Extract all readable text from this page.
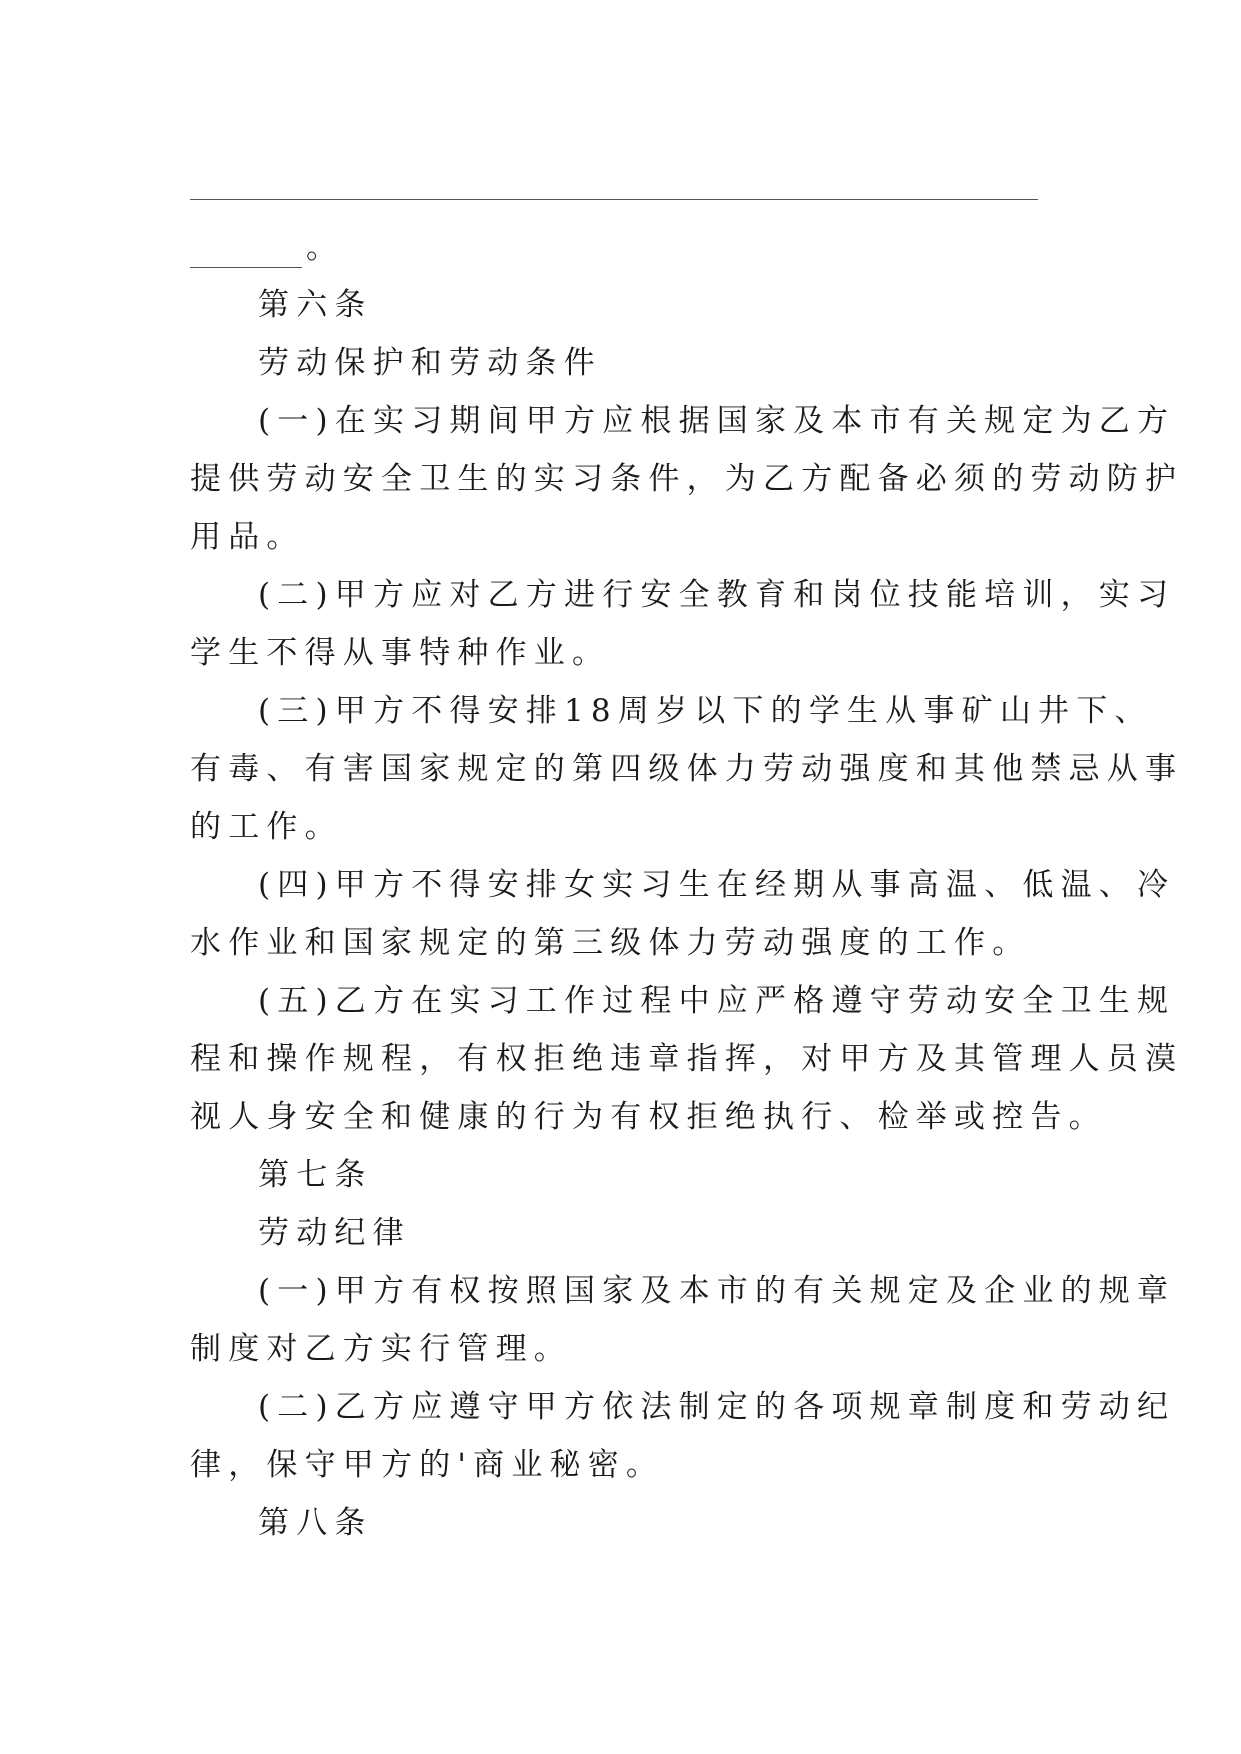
。
第六条
劳动保护和劳动条件
(一)在实习期间甲方应根据国家及本市有关规定为乙方
提供劳动安全卫生的实习条件，为乙方配备必须的劳动防护
用品。
(二)甲方应对乙方进行安全教育和岗位技能培训，实习
学生不得从事特种作业。
(三)甲方不得安排18周岁以下的学生从事矿山井下、
有毒、有害国家规定的第四级体力劳动强度和其他禁忌从事
的工作。
(四)甲方不得安排女实习生在经期从事高温、低温、冷
水作业和国家规定的第三级体力劳动强度的工作。
(五)乙方在实习工作过程中应严格遵守劳动安全卫生规
程和操作规程，有权拒绝违章指挥，对甲方及其管理人员漠
视人身安全和健康的行为有权拒绝执行、检举或控告。
第七条
劳动纪律
(一)甲方有权按照国家及本市的有关规定及企业的规章
制度对乙方实行管理。
(二)乙方应遵守甲方依法制定的各项规章制度和劳动纪
律，保守甲方的'商业秘密。
第八条
